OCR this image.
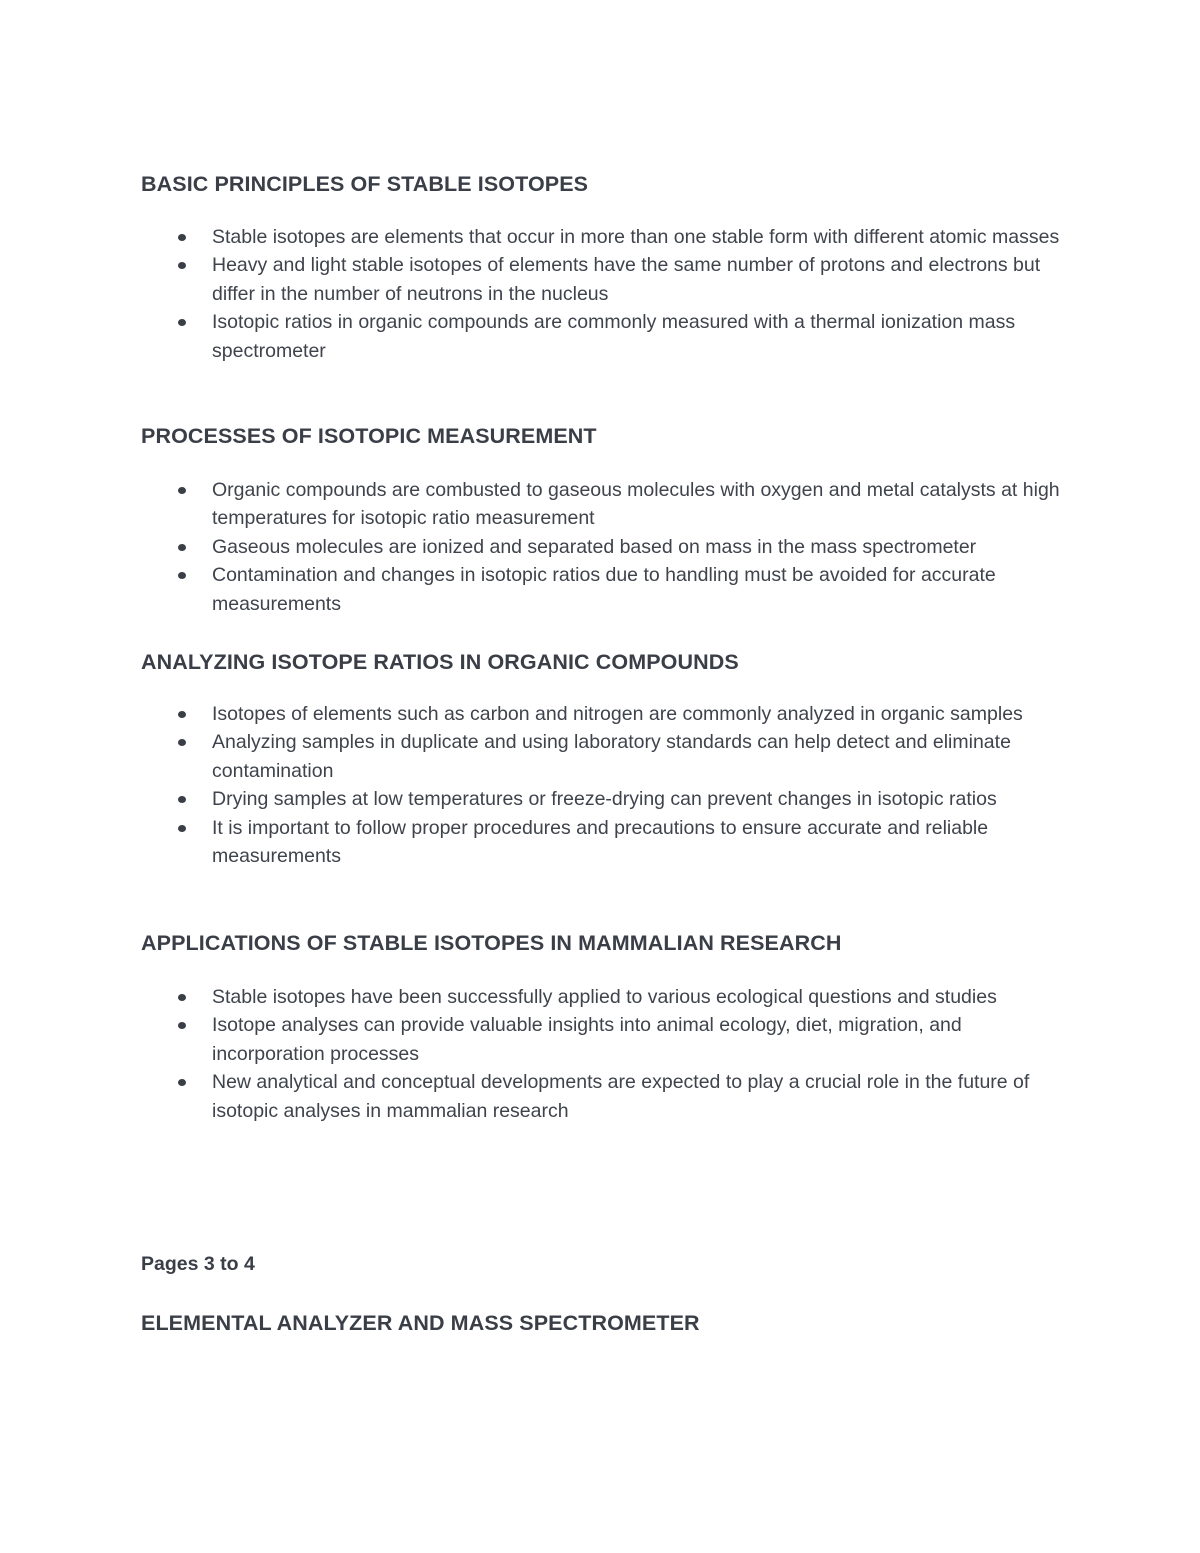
BASIC PRINCIPLES OF STABLE ISOTOPES
Stable isotopes are elements that occur in more than one stable form with different atomic masses
Heavy and light stable isotopes of elements have the same number of protons and electrons but differ in the number of neutrons in the nucleus
Isotopic ratios in organic compounds are commonly measured with a thermal ionization mass spectrometer
PROCESSES OF ISOTOPIC MEASUREMENT
Organic compounds are combusted to gaseous molecules with oxygen and metal catalysts at high temperatures for isotopic ratio measurement
Gaseous molecules are ionized and separated based on mass in the mass spectrometer
Contamination and changes in isotopic ratios due to handling must be avoided for accurate measurements
ANALYZING ISOTOPE RATIOS IN ORGANIC COMPOUNDS
Isotopes of elements such as carbon and nitrogen are commonly analyzed in organic samples
Analyzing samples in duplicate and using laboratory standards can help detect and eliminate contamination
Drying samples at low temperatures or freeze-drying can prevent changes in isotopic ratios
It is important to follow proper procedures and precautions to ensure accurate and reliable measurements
APPLICATIONS OF STABLE ISOTOPES IN MAMMALIAN RESEARCH
Stable isotopes have been successfully applied to various ecological questions and studies
Isotope analyses can provide valuable insights into animal ecology, diet, migration, and incorporation processes
New analytical and conceptual developments are expected to play a crucial role in the future of isotopic analyses in mammalian research

Pages 3 to 4

ELEMENTAL ANALYZER AND MASS SPECTROMETER
